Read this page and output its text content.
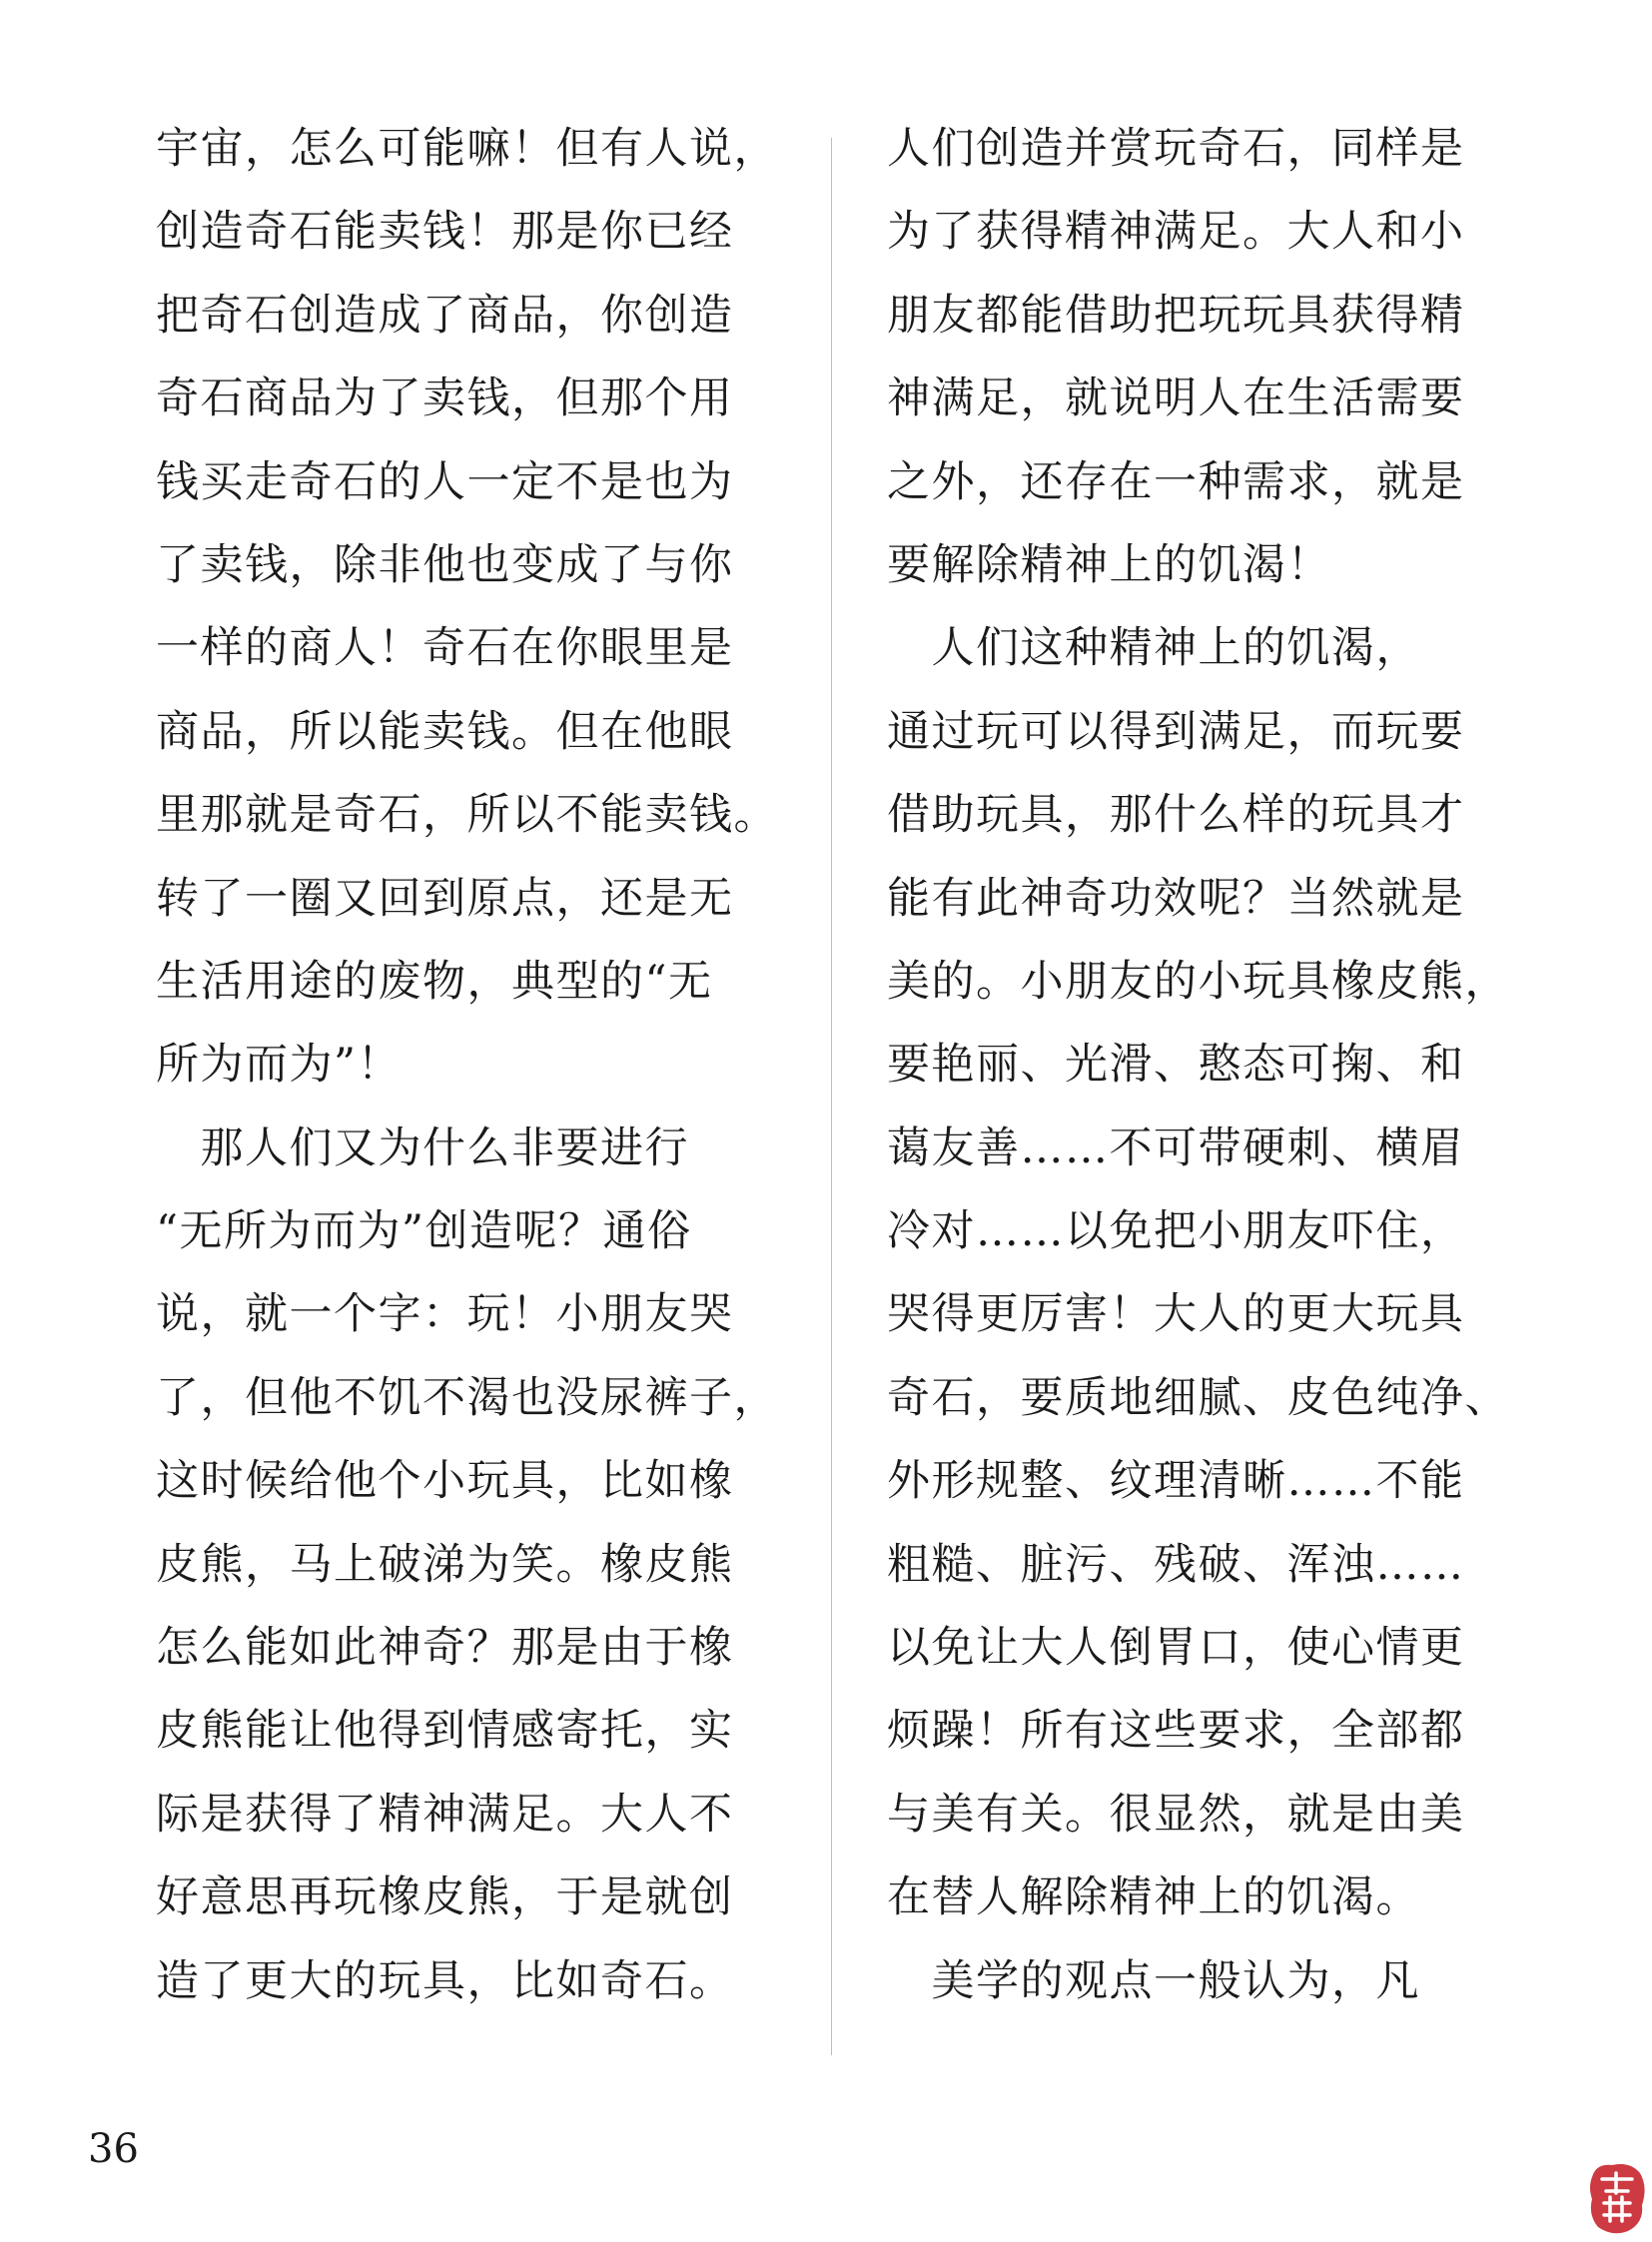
宇宙，怎么可能嘛！但有人说，
创造奇石能卖钱！那是你已经
把奇石创造成了商品，你创造
奇石商品为了卖钱，但那个用
钱买走奇石的人一定不是也为
了卖钱，除非他也变成了与你
一样的商人！奇石在你眼里是
商品，所以能卖钱。但在他眼
里那就是奇石，所以不能卖钱。
转了一圈又回到原点，还是无
生活用途的废物，典型的“无
所为而为”！
　那人们又为什么非要进行
“无所为而为”创造呢？通俗
说，就一个字：玩！小朋友哭
了，但他不饥不渴也没尿裤子，
这时候给他个小玩具，比如橡
皮熊，马上破涕为笑。橡皮熊
怎么能如此神奇？那是由于橡
皮熊能让他得到情感寄托，实
际是获得了精神满足。大人不
好意思再玩橡皮熊，于是就创
造了更大的玩具，比如奇石。
人们创造并赏玩奇石，同样是
为了获得精神满足。大人和小
朋友都能借助把玩玩具获得精
神满足，就说明人在生活需要
之外，还存在一种需求，就是
要解除精神上的饥渴！
　人们这种精神上的饥渴，
通过玩可以得到满足，而玩要
借助玩具，那什么样的玩具才
能有此神奇功效呢？当然就是
美的。小朋友的小玩具橡皮熊，
要艳丽、光滑、憨态可掬、和
蔼友善……不可带硬刺、横眉
冷对……以免把小朋友吓住，
哭得更厉害！大人的更大玩具
奇石，要质地细腻、皮色纯净、
外形规整、纹理清晰……不能
粗糙、脏污、残破、浑浊……
以免让大人倒胃口，使心情更
烦躁！所有这些要求，全部都
与美有关。很显然，就是由美
在替人解除精神上的饥渴。
　美学的观点一般认为，凡
36
